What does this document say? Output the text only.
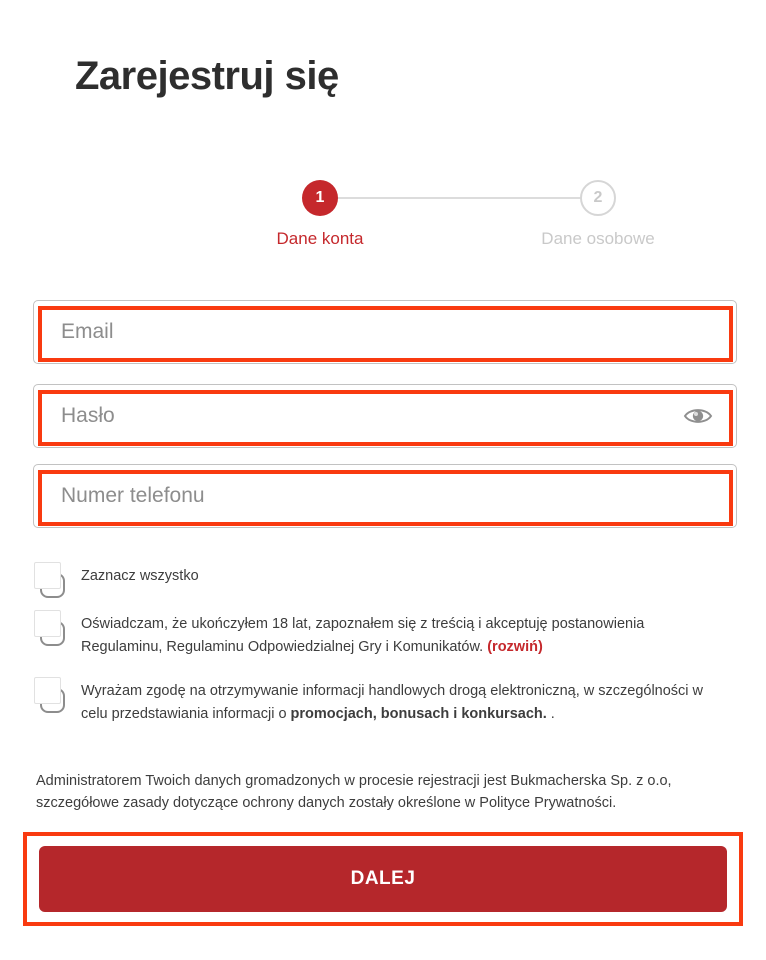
Zarejestruj się
1	2
Dane konta	Dane osobowe
Email
Hasło
Numer telefonu
Zaznacz wszystko
Oświadczam, że ukończyłem 18 lat, zapoznałem się z treścią i akceptuję postanowienia
Regulaminu, Regulaminu Odpowiedzialnej Gry i Komunikatów. (rozwiń)
Wyrażam zgodę na otrzymywanie informacji handlowych drogą elektroniczną, w szczególności w
celu przedstawiania informacji o promocjach, bonusach i konkursach. .
Administratorem Twoich danych gromadzonych w procesie rejestracji jest Bukmacherska Sp. z o.o,
szczegółowe zasady dotyczące ochrony danych zostały określone w Polityce Prywatności.
DALEJ
